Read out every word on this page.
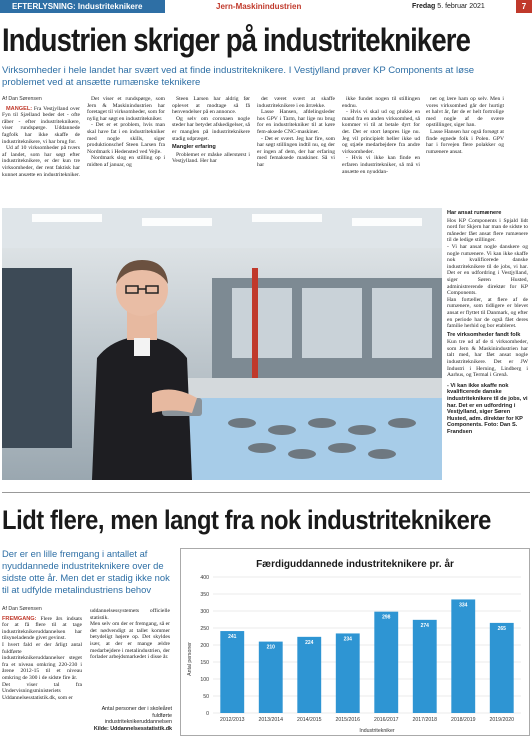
EFTERLYSNING: Industriteknikere	Jern-Maskinindustrien	Fredag 5. februar 2021	7
Industrien skriger på industriteknikere
Virksomheder i hele landet har svært ved at finde industriteknikere. I Vestjylland prøver KP Components at løse problemet ved at ansætte rumænske teknikere
Af Dan Sørensen

MANGEL: Fra Vestjylland over Fyn til Sjælland beder det - ofte råber - efter industriteknikere, viser rundspørge. Uddannede fagfolk har ikke skaffe de industriteknikere, vi har brug for.

Ud af 10 virksomheder på tværs af landet, som har søgt efter industriteknikere, er der kun tre virksomheder, der rent faktisk har kunnet ansætte en industritekniker.

Det viser et rundspørge, som Jern & Maskinindustrien har foretaget til virksomheder, som for nylig har søgt en industritekniker.

- Det er et problem, hvis man skal have fat i en industritekniker med nogle skills, siger produktionschef Steen Larsen fra Nordmark i Hedensted ved Vejle.

Nordmark slog en stilling op i midten af januar, og

Steen Larsen har aldrig før oplevet at modtage så få henvendelser på en annonce.

Og selv om coronaen nogle steder har betydet afskedigelser, så er manglen på industriteknikere stadig udpræget.

Mangler erfaring

Problemet er måske allerstørst i Vestjylland. Her har

det været svært at skaffe industriteknikere i en årrække.

Lasse Hansen, afdelingsleder hos GPV i Tarm, har lige nu brug for en industritekniker til at køre fem-aksede CNC-maskiner.

- Det er svært. Jeg har fire, som har søgt stillingen indtil nu, og der er ingen af dem, der har erfaring med femaksede maskiner. Så vi har

ikke fundet nogen til stillingen endnu.

- Hvis vi skal ud og plukke en mand fra en anden virksomhed, så kommer vi til at betale dyrt for det. Det er stort lønpres lige nu. Jeg vil principielt heller ikke ud og stjæle medarbejdere fra andre virksomheder.

- Hvis vi ikke kan finde en erfaren industritekniker, så må vi ansætte en nyuddan-

net og lære ham op selv. Men i vores virksomhed går der hurtigt et halvt år, før de er helt fortrolige med nogle af de svære opstillinger, siger han.

Lasse Hansen har også forsøgt at finde egnede folk i Polen. GPV har i forvejen flere polakker og rumænere ansat.

Har ansat rumænere

Hos KP Components i Spjald lidt nord for Skjern har man de sidste to måneder fået ansat flere rumænere til de ledige stillinger.

- Vi har ansat nogle danskere og nogle rumænere. Vi kan ikke skaffe nok kvalificerede danske industriteknikere til de jobs, vi har. Det er en udfordring i Vestjylland, siger Søren Husted, administrerende direktør for KP Components.

Han fortæller, at flere af de rumænere, som tidligere er blevet ansat er flyttet til Danmark, og efter en periode har de også fået deres familie herhid og bor etableret.

Tre virksomheder fandt folk

Kun tre ud af de ti virksomheder, som Jern & Maskinindustrien har talt med, har fået ansat nogle industriteknikere. Det er JW Industri i Herning, Lindberg i Aarhus, og Termal i Grenå.

- Vi kan ikke skaffe nok kvalificerede danske industriteknikere til de jobs, vi har. Det er en udfordring i Vestjylland, siger Søren Husted, adm. direktør for KP Components. Foto: Dan S. Frandsen
Lidt flere, men langt fra nok industriteknikere
Der er en lille fremgang i antallet af nyuddannede industriteknikere over de sidste otte år. Men det er stadig ikke nok til at udfylde metalindustriens behov
Af Dan Sørensen

FREMGANG: Flere års indsats for at få flere til at tage industriteknikeruddannelsen har tilsyneladende givet gevinst.

I hvert fald er der årligt antal fuldførte industriteknikeruddannelser steget fra et niveau omkring 220-230 i årene 2012-15 til et niveau omkring de 300 i de sidste fire år.

Det viser tal fra Undervisningsministeriets Uddannelsesstatistik.dk, som er

uddannelsessystemets officielle statistik.

Men selv om der er fremgang, så er det nødvendigt at tallet kommer betydeligt højere op. Det skyldes især, at der er mange ældre medarbejdere i metalindustrien, der forlader arbejdsmarkedet i disse år.

Antal personer der i skoleåret
fuldførte industriteknikeruddannelsen
Kilde: Uddannelsesstatistik.dk
Færdiguddannede industriteknikere pr. år
Antal personer
Industritekniker
0
50
100
150
200
250
300
350
400
241
2012/2013
210
2013/2014
224
2014/2015
234
2015/2016
298
2016/2017
274
2017/2018
334
2018/2019
265
2019/2020
